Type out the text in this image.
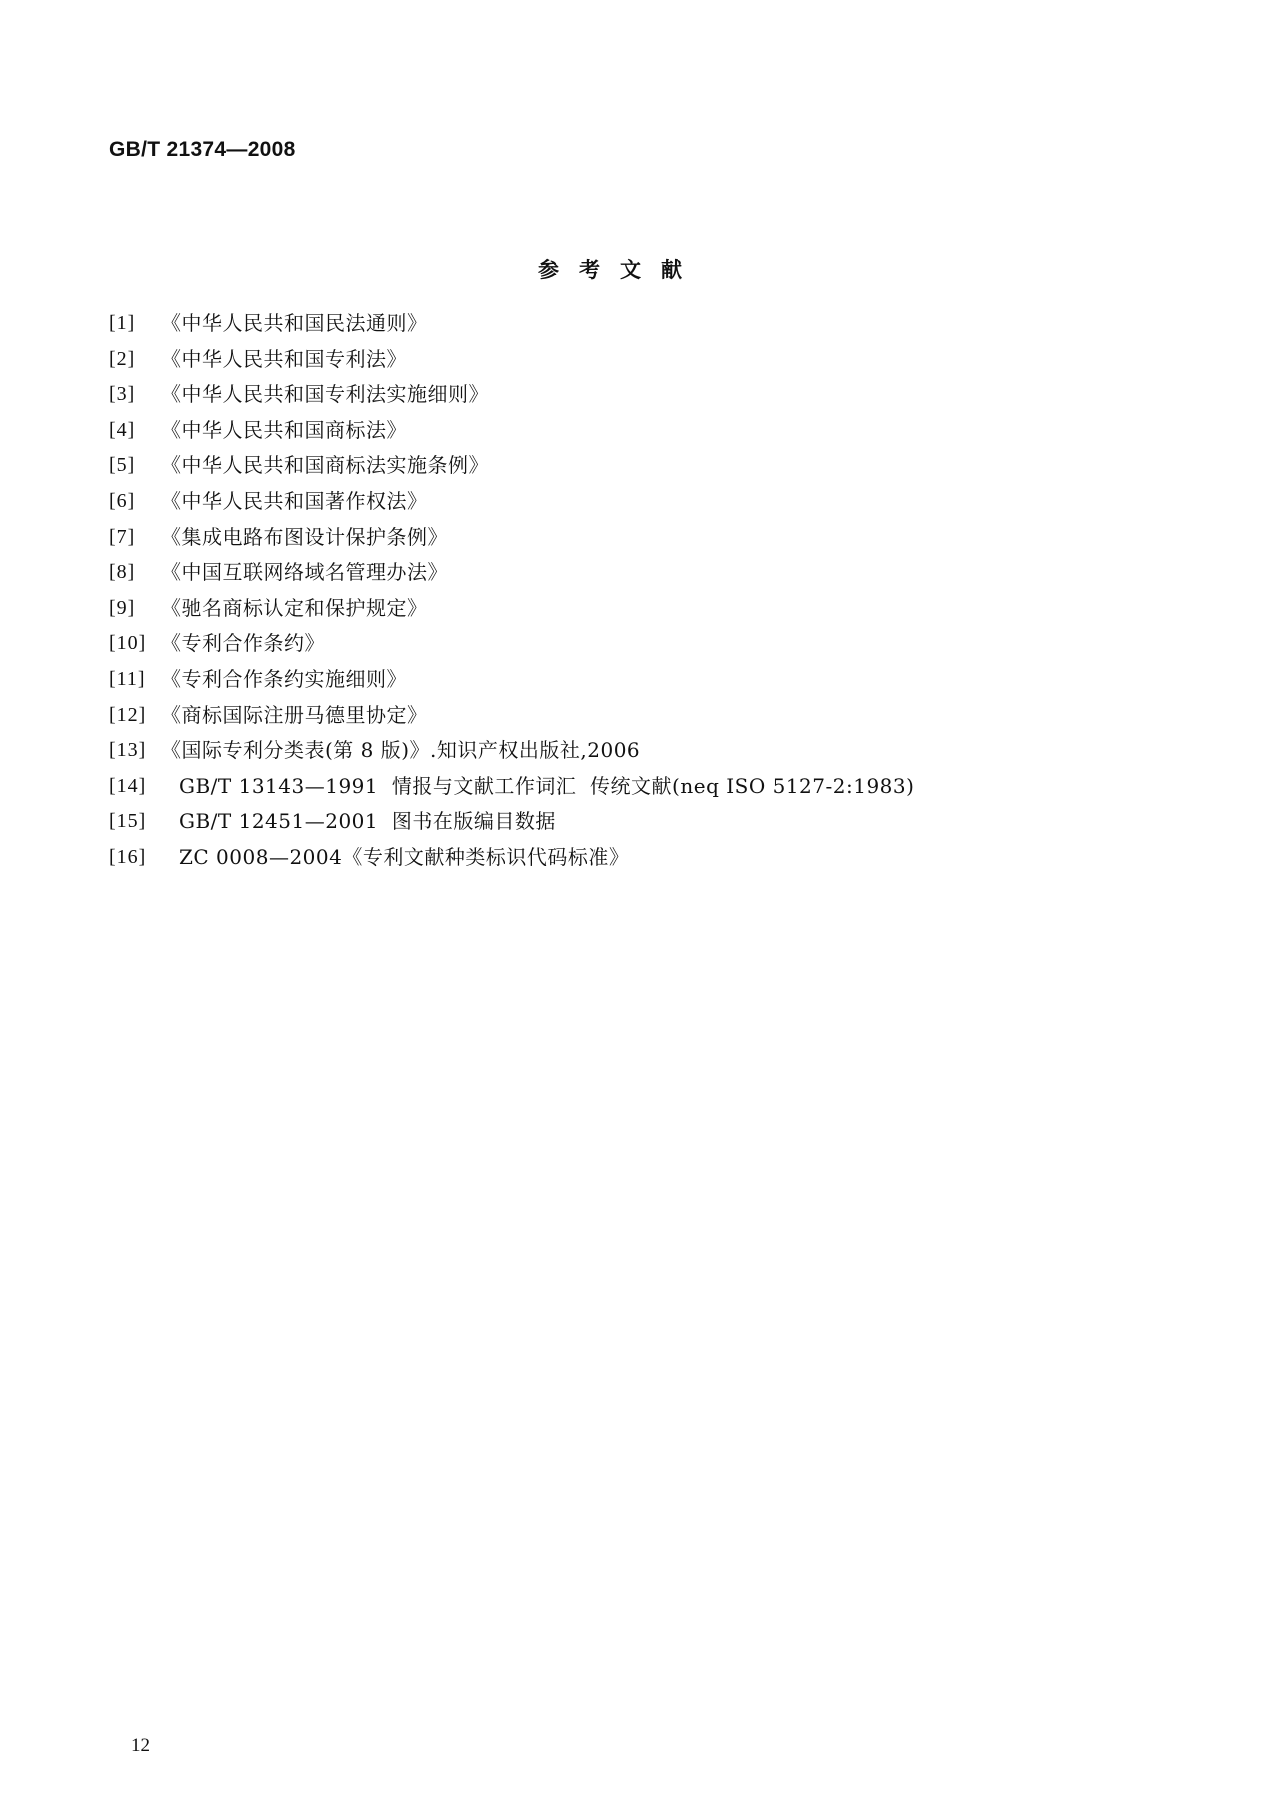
GB/T 21374—2008
参考文献
[1]	《中华人民共和国民法通则》
[2]	《中华人民共和国专利法》
[3]	《中华人民共和国专利法实施细则》
[4]	《中华人民共和国商标法》
[5]	《中华人民共和国商标法实施条例》
[6]	《中华人民共和国著作权法》
[7]	《集成电路布图设计保护条例》
[8]	《中国互联网络域名管理办法》
[9]	《驰名商标认定和保护规定》
[10] 《专利合作条约》
[11] 《专利合作条约实施细则》
[12] 《商标国际注册马德里协定》
[13] 《国际专利分类表(第 8 版)》.知识产权出版社,2006
[14]	GB/T 13143—1991  情报与文献工作词汇  传统文献(neq ISO 5127-2:1983)
[15]	GB/T 12451—2001  图书在版编目数据
[16]	ZC 0008—2004《专利文献种类标识代码标准》
12
